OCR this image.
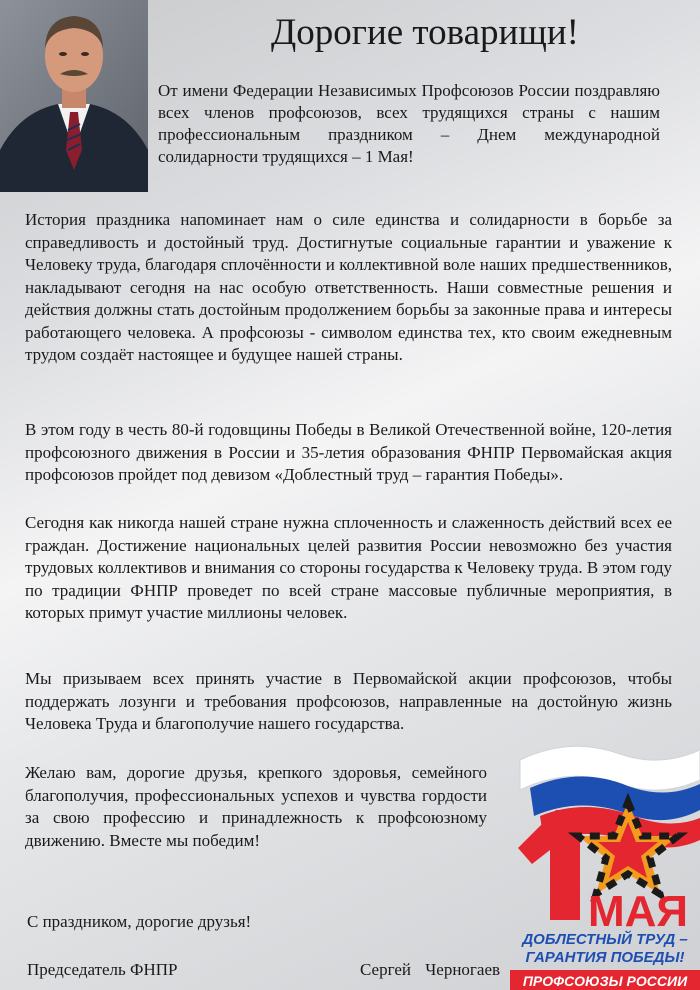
Дорогие товарищи!

От имени Федерации Независимых Профсоюзов России поздравляю всех членов профсоюзов, всех трудящихся страны с нашим профессиональным праздником – Днем международной солидарности трудящихся – 1 Мая!

История праздника напоминает нам о силе единства и солидарности в борьбе за справедливость и достойный труд. Достигнутые социальные гарантии и уважение к Человеку труда, благодаря сплочённости и коллективной воле наших предшественников, накладывают сегодня на нас особую ответственность. Наши совместные решения и действия должны стать достойным продолжением борьбы за законные права и интересы работающего человека. А профсоюзы - символом единства тех, кто своим ежедневным трудом создаёт настоящее и будущее нашей страны.

В этом году в честь 80-й годовщины Победы в Великой Отечественной войне, 120-летия профсоюзного движения в России и 35-летия образования ФНПР Первомайская акция профсоюзов пройдет под девизом «Доблестный труд – гарантия Победы».

Сегодня как никогда нашей стране нужна сплоченность и слаженность действий всех ее граждан. Достижение национальных целей развития России невозможно без участия трудовых коллективов и внимания со стороны государства к Человеку труда. В этом году по традиции ФНПР проведет по всей стране массовые публичные мероприятия, в которых примут участие миллионы человек.

Мы призываем всех принять участие в Первомайской акции профсоюзов, чтобы поддержать лозунги и требования профсоюзов, направленные на достойную жизнь Человека Труда и благополучие нашего государства.

Желаю вам, дорогие друзья, крепкого здоровья, семейного благополучия, профессиональных успехов и чувства гордости за свою профессию и принадлежность к профсоюзному движению. Вместе мы победим!

С праздником, дорогие друзья!

Председатель ФНПР	Сергей Черногаев

1 МАЯ
ДОБЛЕСТНЫЙ ТРУД –
ГАРАНТИЯ ПОБЕДЫ!
ПРОФСОЮЗЫ РОССИИ
